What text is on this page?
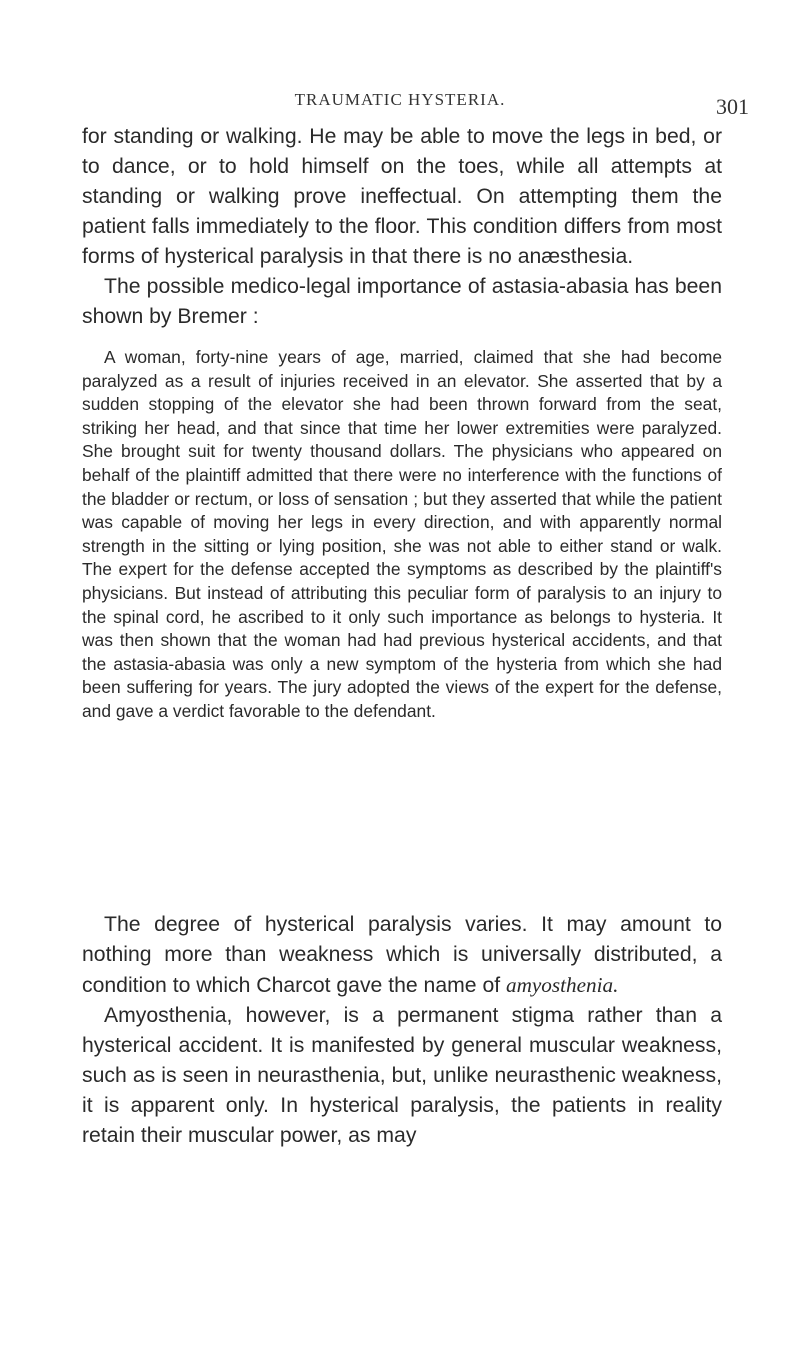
TRAUMATIC HYSTERIA.	301

for standing or walking. He may be able to move the legs in bed, or to dance, or to hold himself on the toes, while all attempts at standing or walking prove ineffectual. On attempting them the patient falls immediately to the floor. This condition differs from most forms of hysterical paralysis in that there is no anæsthesia.

The possible medico-legal importance of astasia-abasia has been shown by Bremer :

A woman, forty-nine years of age, married, claimed that she had become paralyzed as a result of injuries received in an elevator. She asserted that by a sudden stopping of the elevator she had been thrown forward from the seat, striking her head, and that since that time her lower extremities were paralyzed. She brought suit for twenty thousand dollars. The physicians who appeared on behalf of the plaintiff admitted that there were no interference with the functions of the bladder or rectum, or loss of sensation ; but they asserted that while the patient was capable of moving her legs in every direction, and with apparently normal strength in the sitting or lying position, she was not able to either stand or walk. The expert for the defense accepted the symptoms as described by the plaintiff's physicians. But instead of attributing this peculiar form of paralysis to an injury to the spinal cord, he ascribed to it only such importance as belongs to hysteria. It was then shown that the woman had had previous hysterical accidents, and that the astasia-abasia was only a new symptom of the hysteria from which she had been suffering for years. The jury adopted the views of the expert for the defense, and gave a verdict favorable to the defendant.

The degree of hysterical paralysis varies. It may amount to nothing more than weakness which is universally distributed, a condition to which Charcot gave the name of amyosthenia.

Amyosthenia, however, is a permanent stigma rather than a hysterical accident. It is manifested by general muscular weakness, such as is seen in neurasthenia, but, unlike neurasthenic weakness, it is apparent only. In hysterical paralysis, the patients in reality retain their muscular power, as may
